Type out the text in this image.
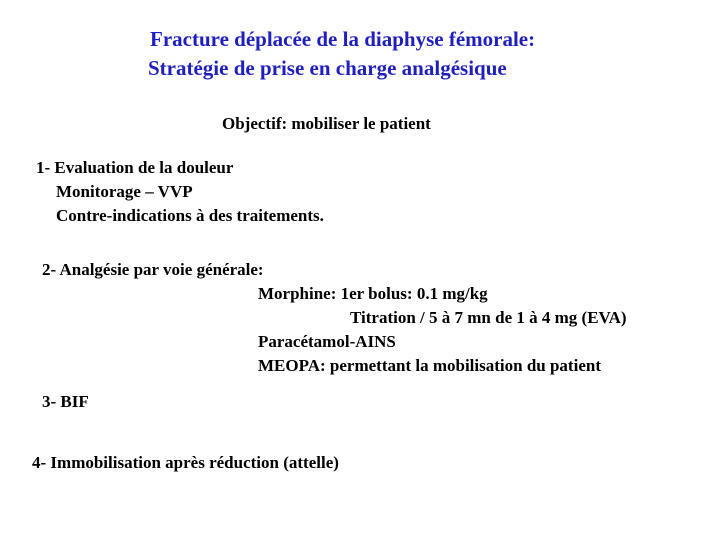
Fracture déplacée de la diaphyse fémorale:
Stratégie de prise en charge analgésique
Objectif: mobiliser le patient
1- Evaluation de la douleur
Monitorage – VVP
Contre-indications à des traitements.
2- Analgésie par voie générale:
Morphine: 1er bolus: 0.1 mg/kg
Titration / 5 à 7 mn de 1 à 4 mg (EVA)
Paracétamol-AINS
MEOPA: permettant la mobilisation du patient
3- BIF
4- Immobilisation après réduction (attelle)
